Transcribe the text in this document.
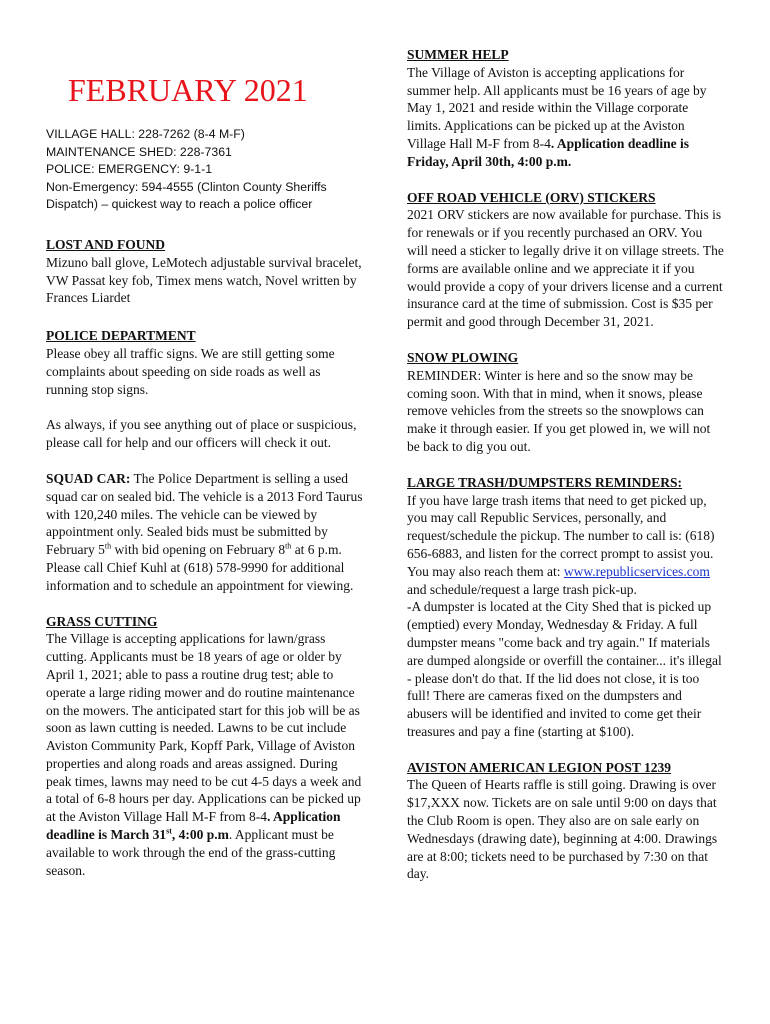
FEBRUARY 2021
VILLAGE HALL: 228-7262 (8-4 M-F)
MAINTENANCE SHED: 228-7361
POLICE: EMERGENCY: 9-1-1
Non-Emergency: 594-4555 (Clinton County Sheriffs
Dispatch) – quickest way to reach a police officer

LOST AND FOUND

Mizuno ball glove, LeMotech adjustable survival bracelet, VW Passat key fob, Timex mens watch, Novel written by Frances Liardet

POLICE DEPARTMENT

Please obey all traffic signs. We are still getting some complaints about speeding on side roads as well as running stop signs.

As always, if you see anything out of place or suspicious, please call for help and our officers will check it out.

SQUAD CAR: The Police Department is selling a used squad car on sealed bid. The vehicle is a 2013 Ford Taurus with 120,240 miles. The vehicle can be viewed by appointment only. Sealed bids must be submitted by February 5th with bid opening on February 8th at 6 p.m. Please call Chief Kuhl at (618) 578-9990 for additional information and to schedule an appointment for viewing.

GRASS CUTTING

The Village is accepting applications for lawn/grass cutting. Applicants must be 18 years of age or older by April 1, 2021; able to pass a routine drug test; able to operate a large riding mower and do routine maintenance on the mowers. The anticipated start for this job will be as soon as lawn cutting is needed. Lawns to be cut include Aviston Community Park, Kopff Park, Village of Aviston properties and along roads and areas assigned. During peak times, lawns may need to be cut 4-5 days a week and a total of 6-8 hours per day. Applications can be picked up at the Aviston Village Hall M-F from 8-4. Application deadline is March 31st, 4:00 p.m. Applicant must be available to work through the end of the grass-cutting season.

SUMMER HELP

The Village of Aviston is accepting applications for summer help. All applicants must be 16 years of age by May 1, 2021 and reside within the Village corporate limits. Applications can be picked up at the Aviston Village Hall M-F from 8-4. Application deadline is Friday, April 30th, 4:00 p.m.

OFF ROAD VEHICLE (ORV) STICKERS

2021 ORV stickers are now available for purchase. This is for renewals or if you recently purchased an ORV. You will need a sticker to legally drive it on village streets. The forms are available online and we appreciate it if you would provide a copy of your drivers license and a current insurance card at the time of submission. Cost is $35 per permit and good through December 31, 2021.

SNOW PLOWING

REMINDER: Winter is here and so the snow may be coming soon. With that in mind, when it snows, please remove vehicles from the streets so the snowplows can make it through easier. If you get plowed in, we will not be back to dig you out.

LARGE TRASH/DUMPSTERS REMINDERS:

If you have large trash items that need to get picked up, you may call Republic Services, personally, and request/schedule the pickup. The number to call is: (618) 656-6883, and listen for the correct prompt to assist you. You may also reach them at: www.republicservices.com and schedule/request a large trash pick-up.

-A dumpster is located at the City Shed that is picked up (emptied) every Monday, Wednesday & Friday. A full dumpster means "come back and try again." If materials are dumped alongside or overfill the container... it's illegal - please don't do that. If the lid does not close, it is too full! There are cameras fixed on the dumpsters and abusers will be identified and invited to come get their treasures and pay a fine (starting at $100).

AVISTON AMERICAN LEGION POST 1239

The Queen of Hearts raffle is still going. Drawing is over $17,XXX now. Tickets are on sale until 9:00 on days that the Club Room is open. They also are on sale early on Wednesdays (drawing date), beginning at 4:00. Drawings are at 8:00; tickets need to be purchased by 7:30 on that day.
